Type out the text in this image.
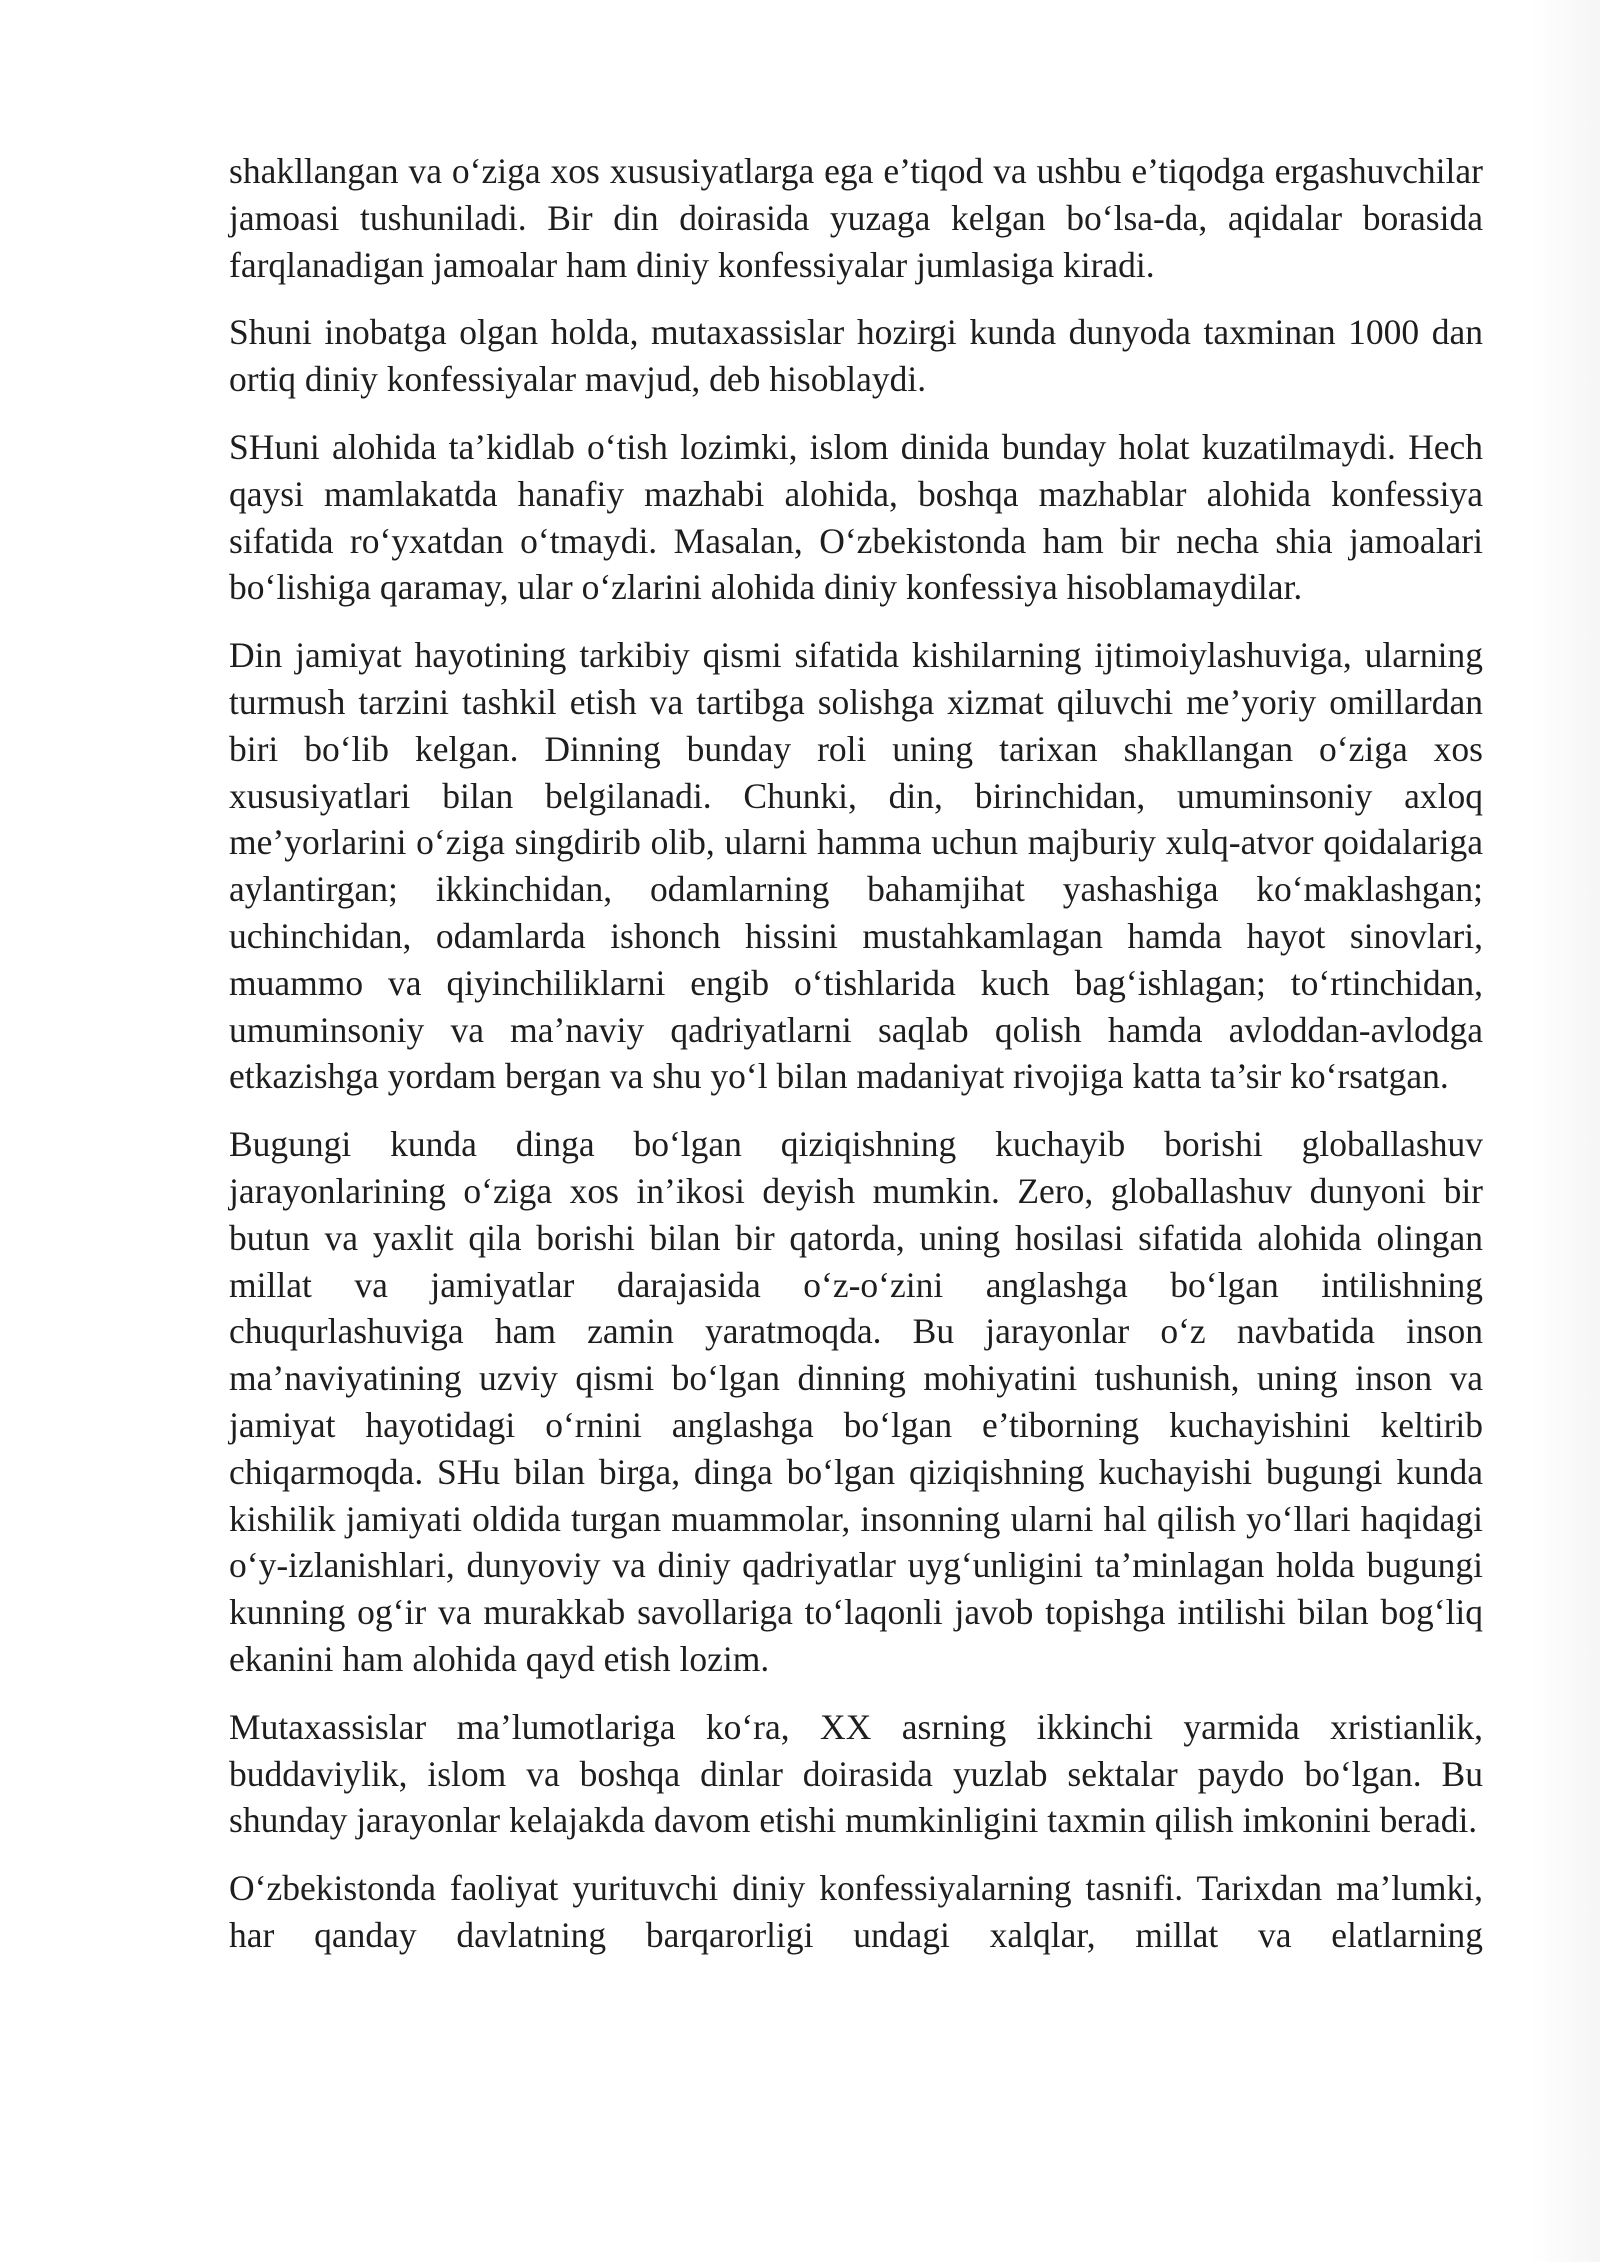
shakllangan va o‘ziga xos xususiyatlarga ega e’tiqod va ushbu e’tiqodga ergashuvchilar jamoasi tushuniladi. Bir din doirasida yuzaga kelgan bo‘lsa-da, aqidalar borasida farqlanadigan jamoalar ham diniy konfessiyalar jumlasiga kiradi.

Shuni inobatga olgan holda, mutaxassislar hozirgi kunda dunyoda taxminan 1000 dan ortiq diniy konfessiyalar mavjud, deb hisoblaydi.

SHuni alohida ta’kidlab o‘tish lozimki, islom dinida bunday holat kuzatilmaydi. Hech qaysi mamlakatda hanafiy mazhabi alohida, boshqa mazhablar alohida konfessiya sifatida ro‘yxatdan o‘tmaydi. Masalan, O‘zbekistonda ham bir necha shia jamoalari bo‘lishiga qaramay, ular o‘zlarini alohida diniy konfessiya hisoblamaydilar.

Din jamiyat hayotining tarkibiy qismi sifatida kishilarning ijtimoiylashuviga, ularning turmush tarzini tashkil etish va tartibga solishga xizmat qiluvchi me’yoriy omillardan biri bo‘lib kelgan. Dinning bunday roli uning tarixan shakllangan o‘ziga xos xususiyatlari bilan belgilanadi. Chunki, din, birinchidan, umuminsoniy axloq me’yorlarini o‘ziga singdirib olib, ularni hamma uchun majburiy xulq-atvor qoidalariga aylantirgan; ikkinchidan, odamlarning bahamjihat yashashiga ko‘maklashgan; uchinchidan, odamlarda ishonch hissini mustahkamlagan hamda hayot sinovlari, muammo va qiyinchiliklarni engib o‘tishlarida kuch bag‘ishlagan; to‘rtinchidan, umuminsoniy va ma’naviy qadriyatlarni saqlab qolish hamda avloddan-avlodga etkazishga yordam bergan va shu yo‘l bilan madaniyat rivojiga katta ta’sir ko‘rsatgan.

Bugungi kunda dinga bo‘lgan qiziqishning kuchayib borishi globallashuv jarayonlarining o‘ziga xos in’ikosi deyish mumkin. Zero, globallashuv dunyoni bir butun va yaxlit qila borishi bilan bir qatorda, uning hosilasi sifatida alohida olingan millat va jamiyatlar darajasida o‘z-o‘zini anglashga bo‘lgan intilishning chuqurlashuviga ham zamin yaratmoqda. Bu jarayonlar o‘z navbatida inson ma’naviyatining uzviy qismi bo‘lgan dinning mohiyatini tushunish, uning inson va jamiyat hayotidagi o‘rnini anglashga bo‘lgan e’tiborning kuchayishini keltirib chiqarmoqda. SHu bilan birga, dinga bo‘lgan qiziqishning kuchayishi bugungi kunda kishilik jamiyati oldida turgan muammolar, insonning ularni hal qilish yo‘llari haqidagi o‘y-izlanishlari, dunyoviy va diniy qadriyatlar uyg‘unligini ta’minlagan holda bugungi kunning og‘ir va murakkab savollariga to‘laqonli javob topishga intilishi bilan bog‘liq ekanini ham alohida qayd etish lozim.

Mutaxassislar ma’lumotlariga ko‘ra, XX asrning ikkinchi yarmida xristianlik, buddaviylik, islom va boshqa dinlar doirasida yuzlab sektalar paydo bo‘lgan. Bu shunday jarayonlar kelajakda davom etishi mumkinligini taxmin qilish imkonini beradi.

O‘zbekistonda faoliyat yurituvchi diniy konfessiyalarning tasnifi. Tarixdan ma’lumki, har qanday davlatning barqarorligi undagi xalqlar, millat va elatlarning
